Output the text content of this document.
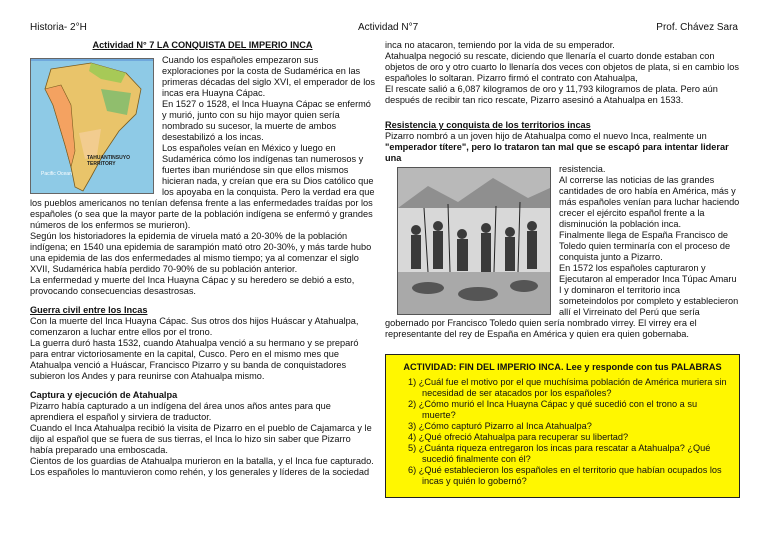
Historia- 2°H	Actividad N°7	Prof. Chávez Sara

Actividad N° 7 LA CONQUISTA DEL IMPERIO INCA

TAHUANTINSUYO TERRITORY
Pacific Ocean

Cuando los españoles empezaron sus exploraciones por la costa de Sudamérica en las primeras décadas del siglo XVI, el emperador de los incas era Huayna Cápac.

En 1527 o 1528, el Inca Huayna Cápac se enfermó y murió, junto con su hijo mayor quien sería nombrado su sucesor, la muerte de ambos desestabilizó a los incas.

Los españoles veían en México y luego en Sudamérica cómo los indígenas tan numerosos y fuertes iban muriéndose sin que ellos mismos hicieran nada, y creían que era su Dios católico que los apoyaba en la conquista. Pero la verdad era que los pueblos americanos no tenían defensa frente a las enfermedades traídas por los españoles (o sea que la mayor parte de la población indígena se enfermó y grandes números de los enfermos se murieron).

Según los historiadores la epidemia de viruela mató a 20-30% de la población indígena; en 1540 una epidemia de sarampión mató otro 20-30%, y más tarde hubo una epidemia de las dos enfermedades al mismo tiempo; ya al comenzar el siglo XVII, Sudamérica había perdido 70-90% de su población anterior.

La enfermedad y muerte del Inca Huayna Cápac y su heredero se debió a esto, provocando consecuencias desastrosas.

Guerra civil entre los Incas

Con la muerte del Inca Huayna Cápac. Sus otros dos hijos Huáscar y Atahualpa, comenzaron a luchar entre ellos por el trono.

La guerra duró hasta 1532, cuando Atahualpa venció a su hermano y se preparó para entrar victoriosamente en la capital, Cusco. Pero en el mismo mes que Atahualpa venció a Huáscar, Francisco Pizarro y su banda de conquistadores subieron los Andes y para reunirse con Atahualpa mismo.

Captura y ejecución de Atahualpa

Pizarro había capturado a un indígena del área unos años antes para que aprendiera el español y sirviera de traductor.

Cuando el Inca Atahualpa recibió la visita de Pizarro en el pueblo de Cajamarca y le dijo al español que se fuera de sus tierras, el Inca lo hizo sin saber que Pizarro había preparado una emboscada.

Cientos de los guardias de Atahualpa murieron en la batalla, y el Inca fue capturado. Los españoles lo mantuvieron como rehén, y los generales y líderes de la sociedad

inca no atacaron, temiendo por la vida de su emperador.

Atahualpa negoció su rescate, diciendo que llenaría el cuarto donde estaban con objetos de oro y otro cuarto lo llenaría dos veces con objetos de plata, si en cambio los españoles lo soltaran. Pizarro firmó el contrato con Atahualpa,

El rescate salió a 6,087 kilogramos de oro y 11,793 kilogramos de plata. Pero aún después de recibir tan rico rescate, Pizarro asesinó a Atahualpa en 1533.

Resistencia y conquista de los territorios incas

Pizarro nombró a un joven hijo de Atahualpa como el nuevo Inca, realmente un

"emperador títere", pero lo trataron tan mal que se escapó para intentar liderar una

resistencia.

Al correrse las noticias de las grandes cantidades de oro había en América, más y más españoles venían para luchar haciendo crecer el ejército español frente a la disminución la población inca.

Finalmente llega de España Francisco de Toledo quien terminaría con el proceso de conquista junto a Pizarro.

En 1572 los españoles capturaron y Ejecutaron al emperador Inca Túpac Amaru I y dominaron el territorio inca someteindolos por completo y establecieron allí el Virreinato del Perú que sería gobernado por Francisco Toledo quien sería nombrado virrey. El virrey era el representante del rey de España en América y quien era quien gobernaba.

ACTIVIDAD: FIN DEL IMPERIO INCA. Lee y responde con tus PALABRAS
1) ¿Cuál fue el motivo por el que muchísima población de América muriera sin necesidad de ser atacados por los españoles?
2) ¿Cómo murió el Inca Huayna Cápac y qué sucedió con el trono a su muerte?
3) ¿Cómo capturó Pizarro al Inca Atahualpa?
4) ¿Qué ofreció Atahualpa para recuperar su libertad?
5) ¿Cuánta riqueza entregaron los incas para rescatar a Atahualpa? ¿Qué sucedió finalmente con él?
6) ¿Qué establecieron los españoles en el territorio que habían ocupados los incas y quién lo gobernó?
